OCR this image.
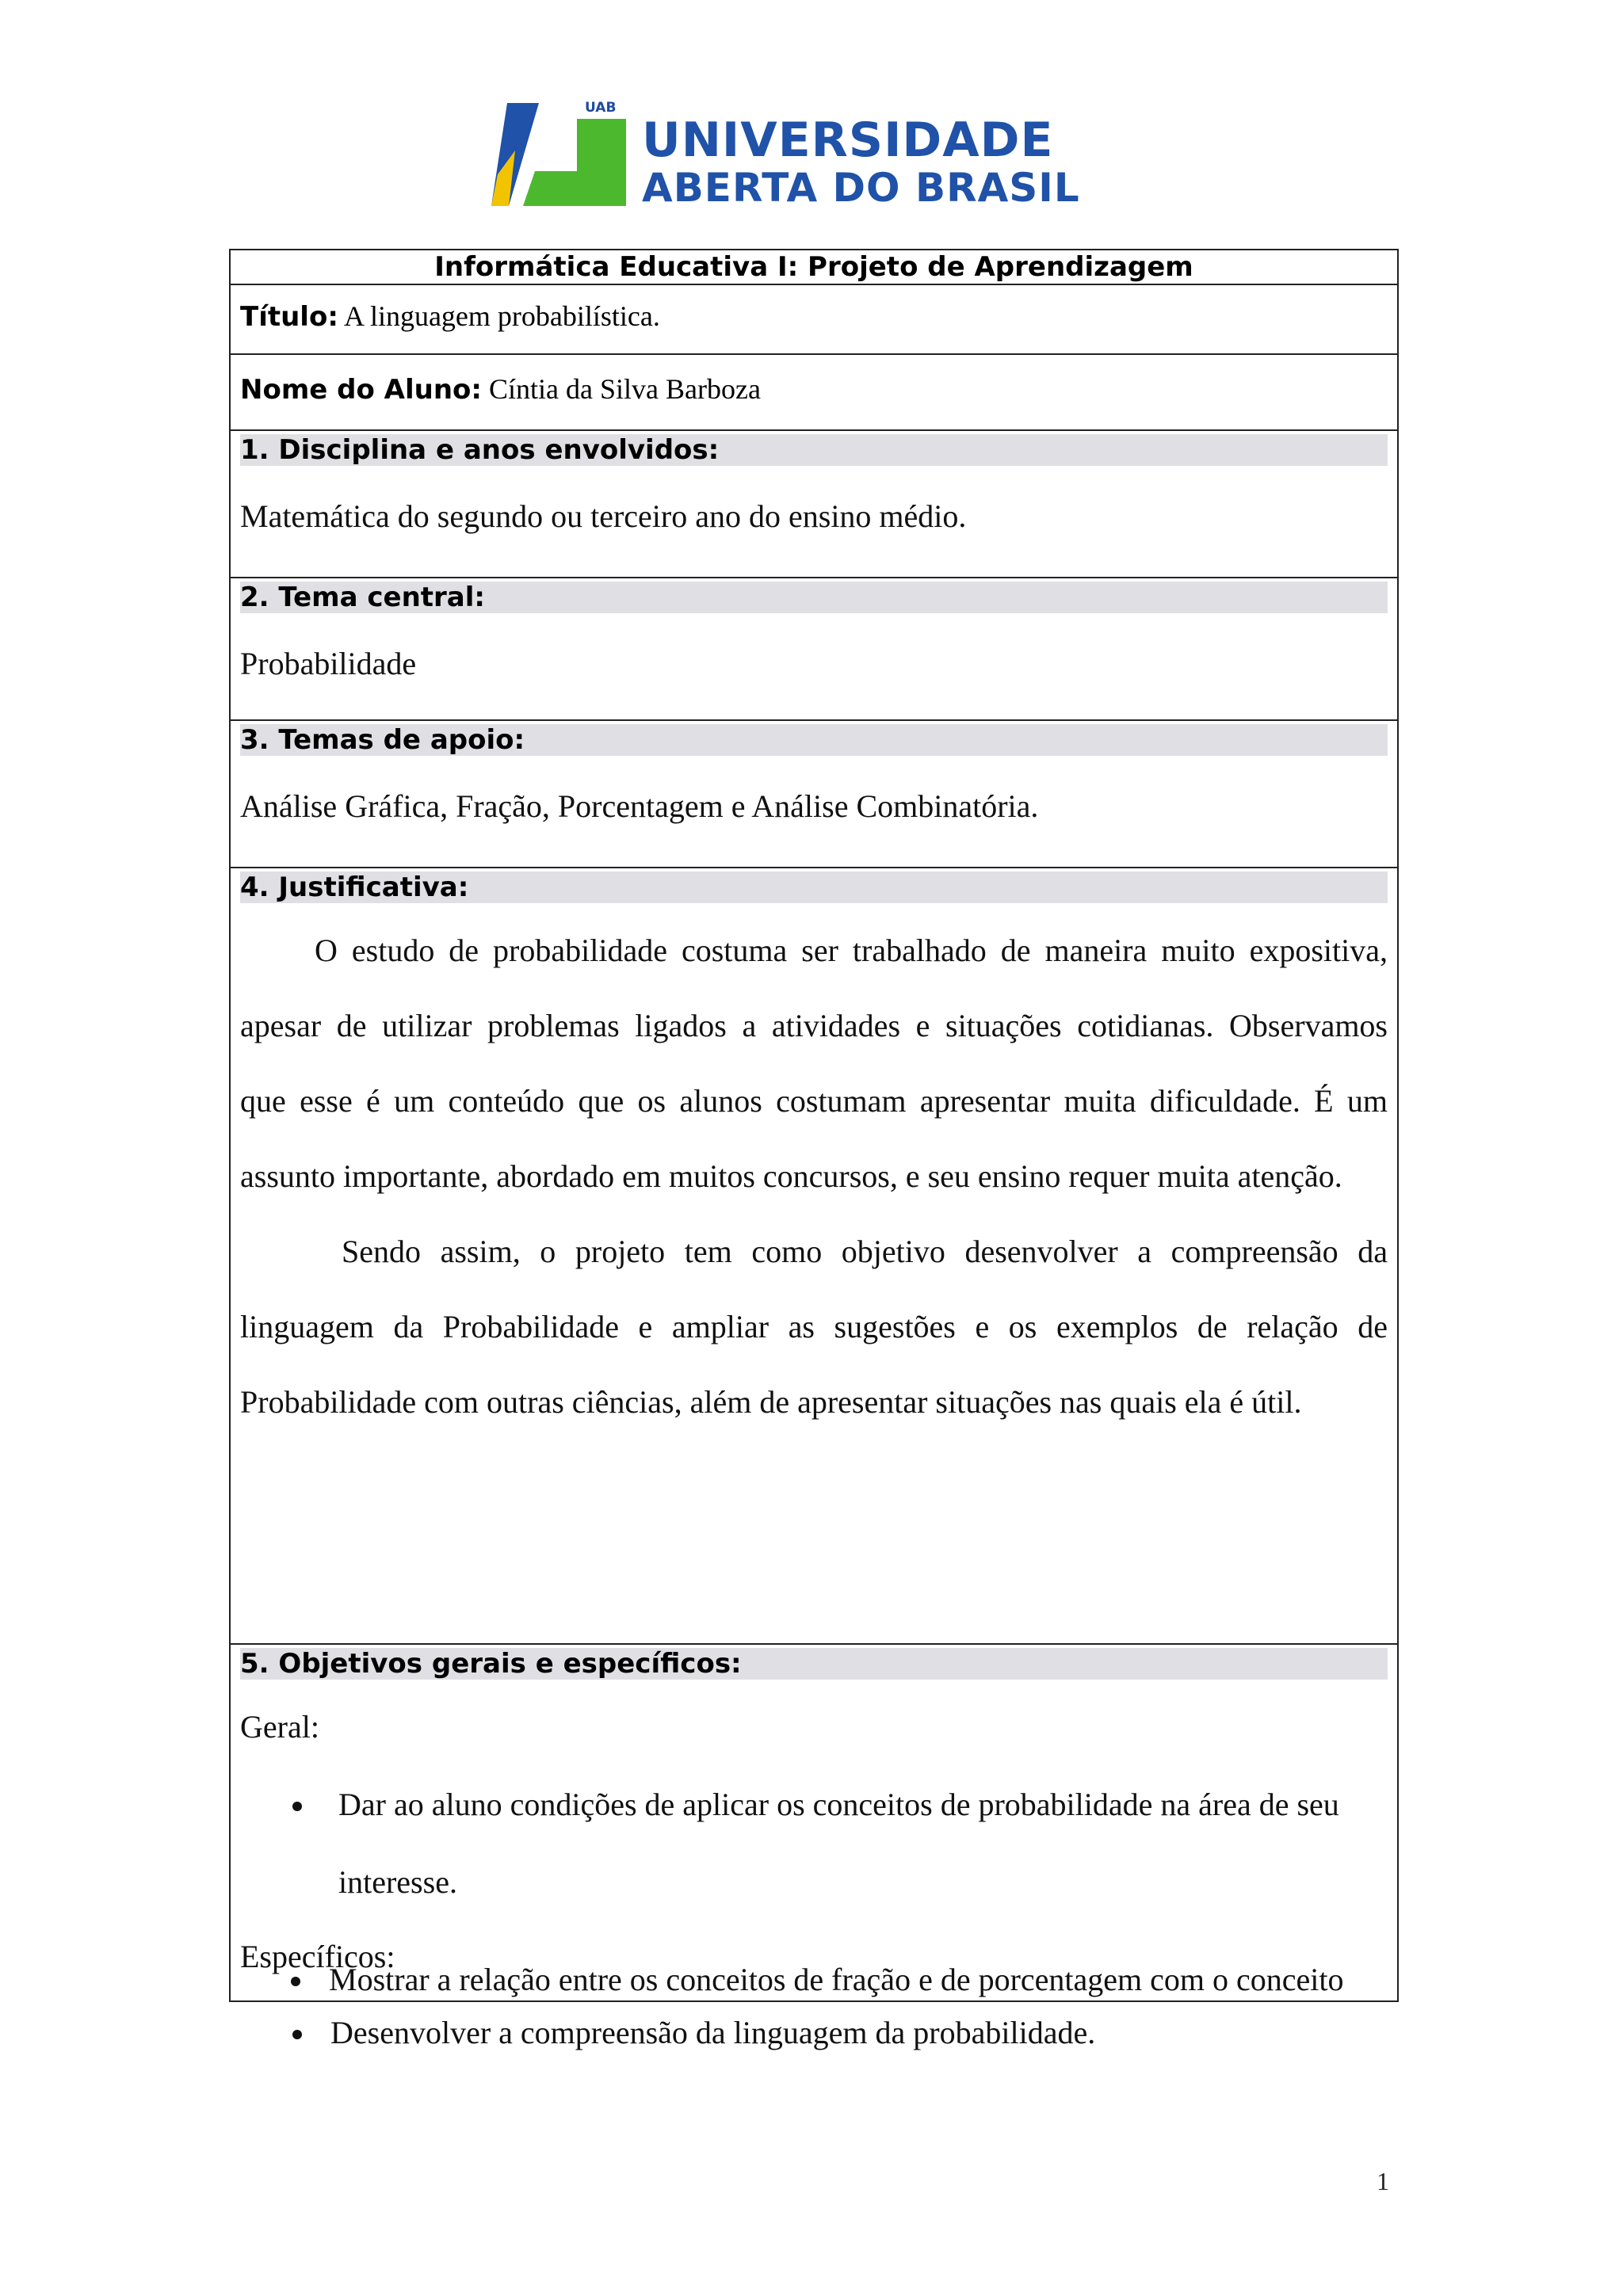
UAB
UNIVERSIDADE
ABERTA DO BRASIL
Informática Educativa I: Projeto de Aprendizagem
Título: A linguagem probabilística.
Nome do Aluno: Cíntia da Silva Barboza
1. Disciplina e anos envolvidos:
Matemática do segundo ou terceiro ano do ensino médio.
2. Tema central:
Probabilidade
3. Temas de apoio:
Análise Gráfica, Fração, Porcentagem e Análise Combinatória.
4. Justificativa:
O estudo de probabilidade costuma ser trabalhado de maneira muito expositiva,
apesar de utilizar problemas ligados a atividades e situações cotidianas. Observamos
que esse é um conteúdo que os alunos costumam apresentar muita dificuldade. É um
assunto importante, abordado em muitos concursos, e seu ensino requer muita atenção.
Sendo assim, o projeto tem como objetivo desenvolver a compreensão da
linguagem da Probabilidade e ampliar as sugestões e os exemplos de relação de
Probabilidade com outras ciências, além de apresentar situações nas quais ela é útil.
5. Objetivos gerais e específicos:
Geral:
Dar ao aluno condições de aplicar os conceitos de probabilidade na área de seu
interesse.
Específicos:
Desenvolver a compreensão da linguagem da probabilidade.
Mostrar a relação entre os conceitos de fração e de porcentagem com o conceito
1
